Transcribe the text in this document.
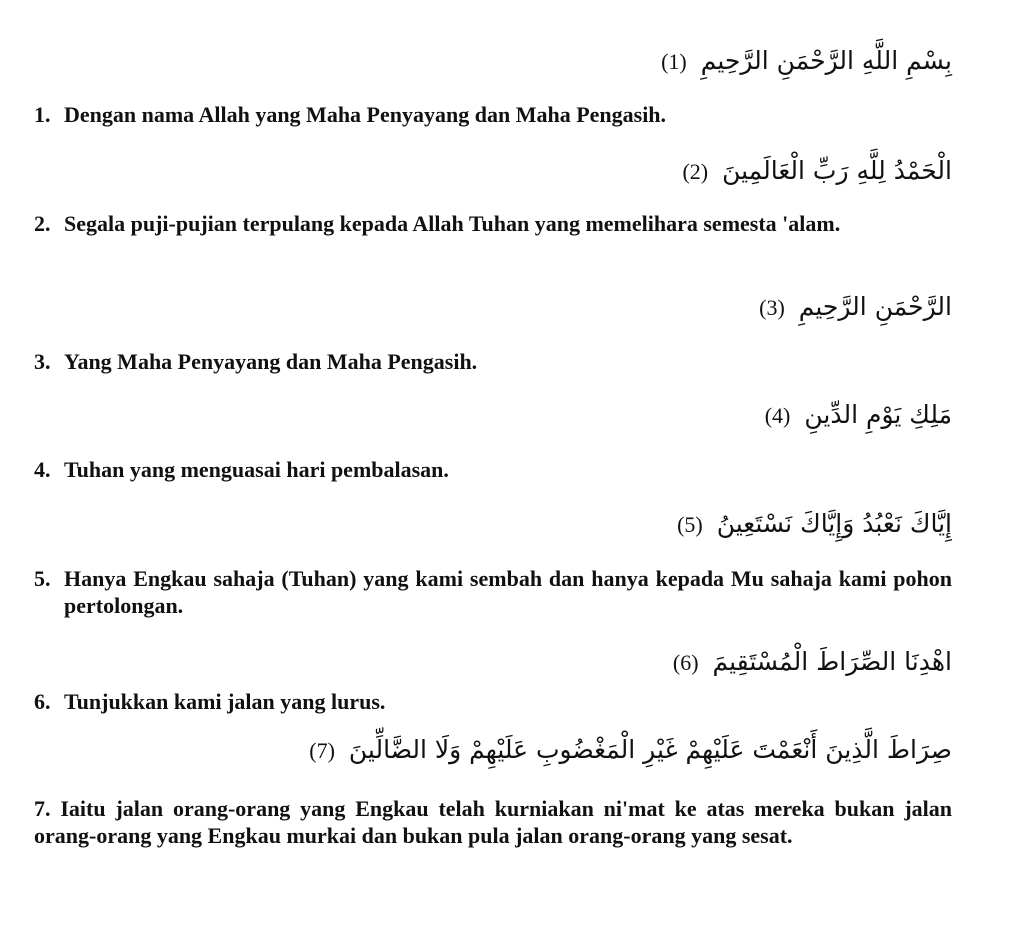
بِسْمِ اللَّهِ الرَّحْمَنِ الرَّحِيمِ (1)
1. Dengan nama Allah yang Maha Penyayang dan Maha Pengasih.
الْحَمْدُ لِلَّهِ رَبِّ الْعَالَمِينَ (2)
2. Segala puji-pujian terpulang kepada Allah Tuhan yang memelihara semesta 'alam.
الرَّحْمَنِ الرَّحِيمِ (3)
3. Yang Maha Penyayang dan Maha Pengasih.
مَلِكِ يَوْمِ الدِّينِ (4)
4. Tuhan yang menguasai hari pembalasan.
إِيَّاكَ نَعْبُدُ وَإِيَّاكَ نَسْتَعِينُ (5)
5. Hanya Engkau sahaja (Tuhan) yang kami sembah dan hanya kepada Mu sahaja kami pohon pertolongan.
اهْدِنَا الصِّرَاطَ الْمُسْتَقِيمَ (6)
6. Tunjukkan kami jalan yang lurus.
صِرَاطَ الَّذِينَ أَنْعَمْتَ عَلَيْهِمْ غَيْرِ الْمَغْضُوبِ عَلَيْهِمْ وَلَا الضَّالِّينَ (7)
7. Iaitu jalan orang-orang yang Engkau telah kurniakan ni'mat ke atas mereka bukan jalan orang-orang yang Engkau murkai dan bukan pula jalan orang-orang yang sesat.
